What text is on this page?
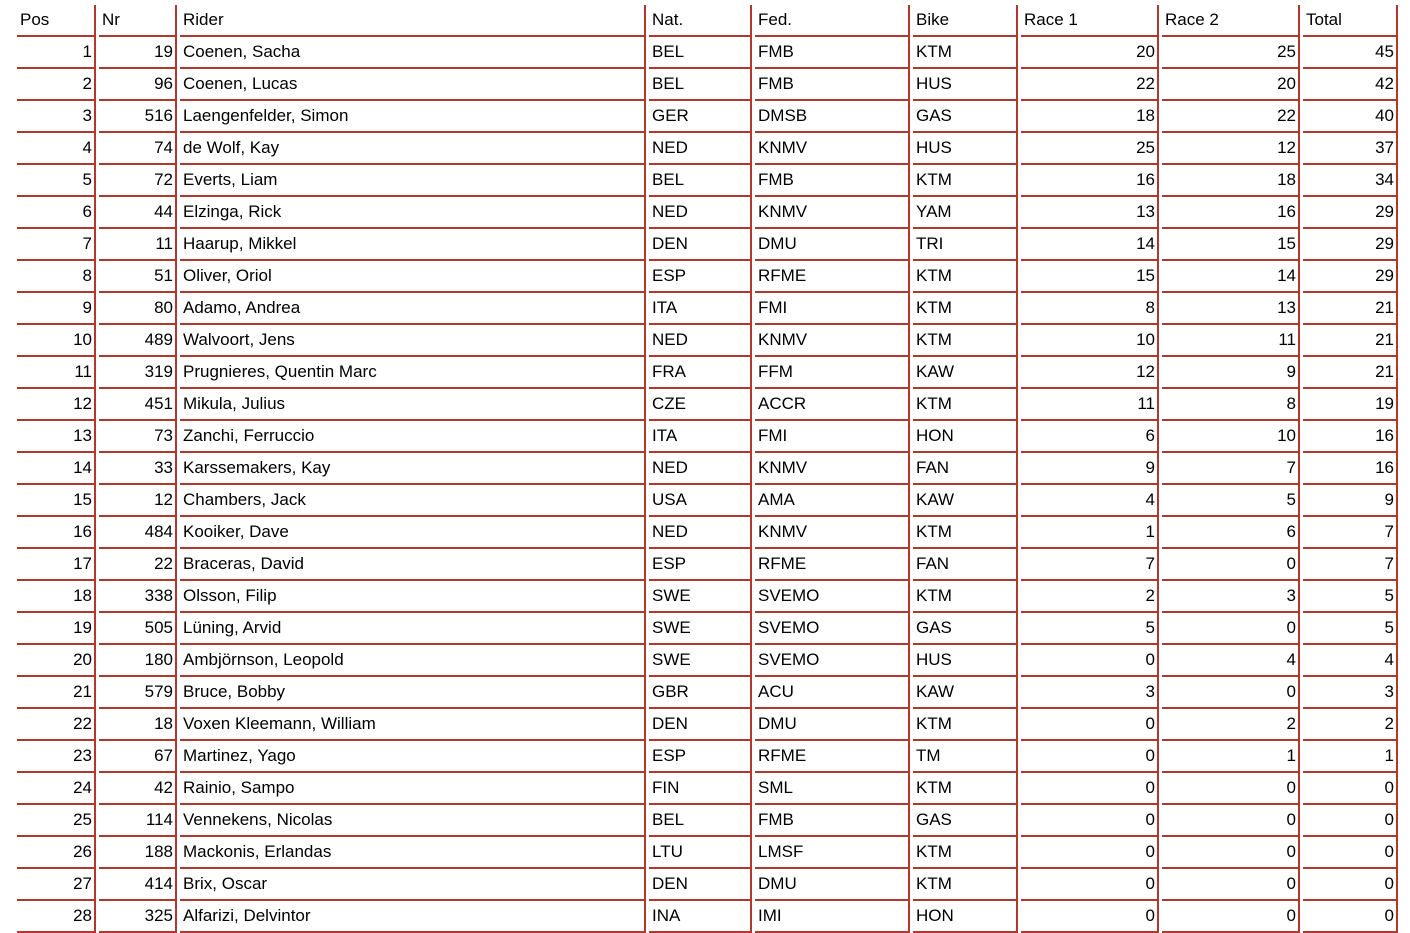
Pos	Nr	Rider	Nat.	Fed.	Bike	Race 1	Race 2	Total
1	19	Coenen, Sacha	BEL	FMB	KTM	20	25	45
2	96	Coenen, Lucas	BEL	FMB	HUS	22	20	42
3	516	Laengenfelder, Simon	GER	DMSB	GAS	18	22	40
4	74	de Wolf, Kay	NED	KNMV	HUS	25	12	37
5	72	Everts, Liam	BEL	FMB	KTM	16	18	34
6	44	Elzinga, Rick	NED	KNMV	YAM	13	16	29
7	11	Haarup, Mikkel	DEN	DMU	TRI	14	15	29
8	51	Oliver, Oriol	ESP	RFME	KTM	15	14	29
9	80	Adamo, Andrea	ITA	FMI	KTM	8	13	21
10	489	Walvoort, Jens	NED	KNMV	KTM	10	11	21
11	319	Prugnieres, Quentin Marc	FRA	FFM	KAW	12	9	21
12	451	Mikula, Julius	CZE	ACCR	KTM	11	8	19
13	73	Zanchi, Ferruccio	ITA	FMI	HON	6	10	16
14	33	Karssemakers, Kay	NED	KNMV	FAN	9	7	16
15	12	Chambers, Jack	USA	AMA	KAW	4	5	9
16	484	Kooiker, Dave	NED	KNMV	KTM	1	6	7
17	22	Braceras, David	ESP	RFME	FAN	7	0	7
18	338	Olsson, Filip	SWE	SVEMO	KTM	2	3	5
19	505	Lüning, Arvid	SWE	SVEMO	GAS	5	0	5
20	180	Ambjörnson, Leopold	SWE	SVEMO	HUS	0	4	4
21	579	Bruce, Bobby	GBR	ACU	KAW	3	0	3
22	18	Voxen Kleemann, William	DEN	DMU	KTM	0	2	2
23	67	Martinez, Yago	ESP	RFME	TM	0	1	1
24	42	Rainio, Sampo	FIN	SML	KTM	0	0	0
25	114	Vennekens, Nicolas	BEL	FMB	GAS	0	0	0
26	188	Mackonis, Erlandas	LTU	LMSF	KTM	0	0	0
27	414	Brix, Oscar	DEN	DMU	KTM	0	0	0
28	325	Alfarizi, Delvintor	INA	IMI	HON	0	0	0
